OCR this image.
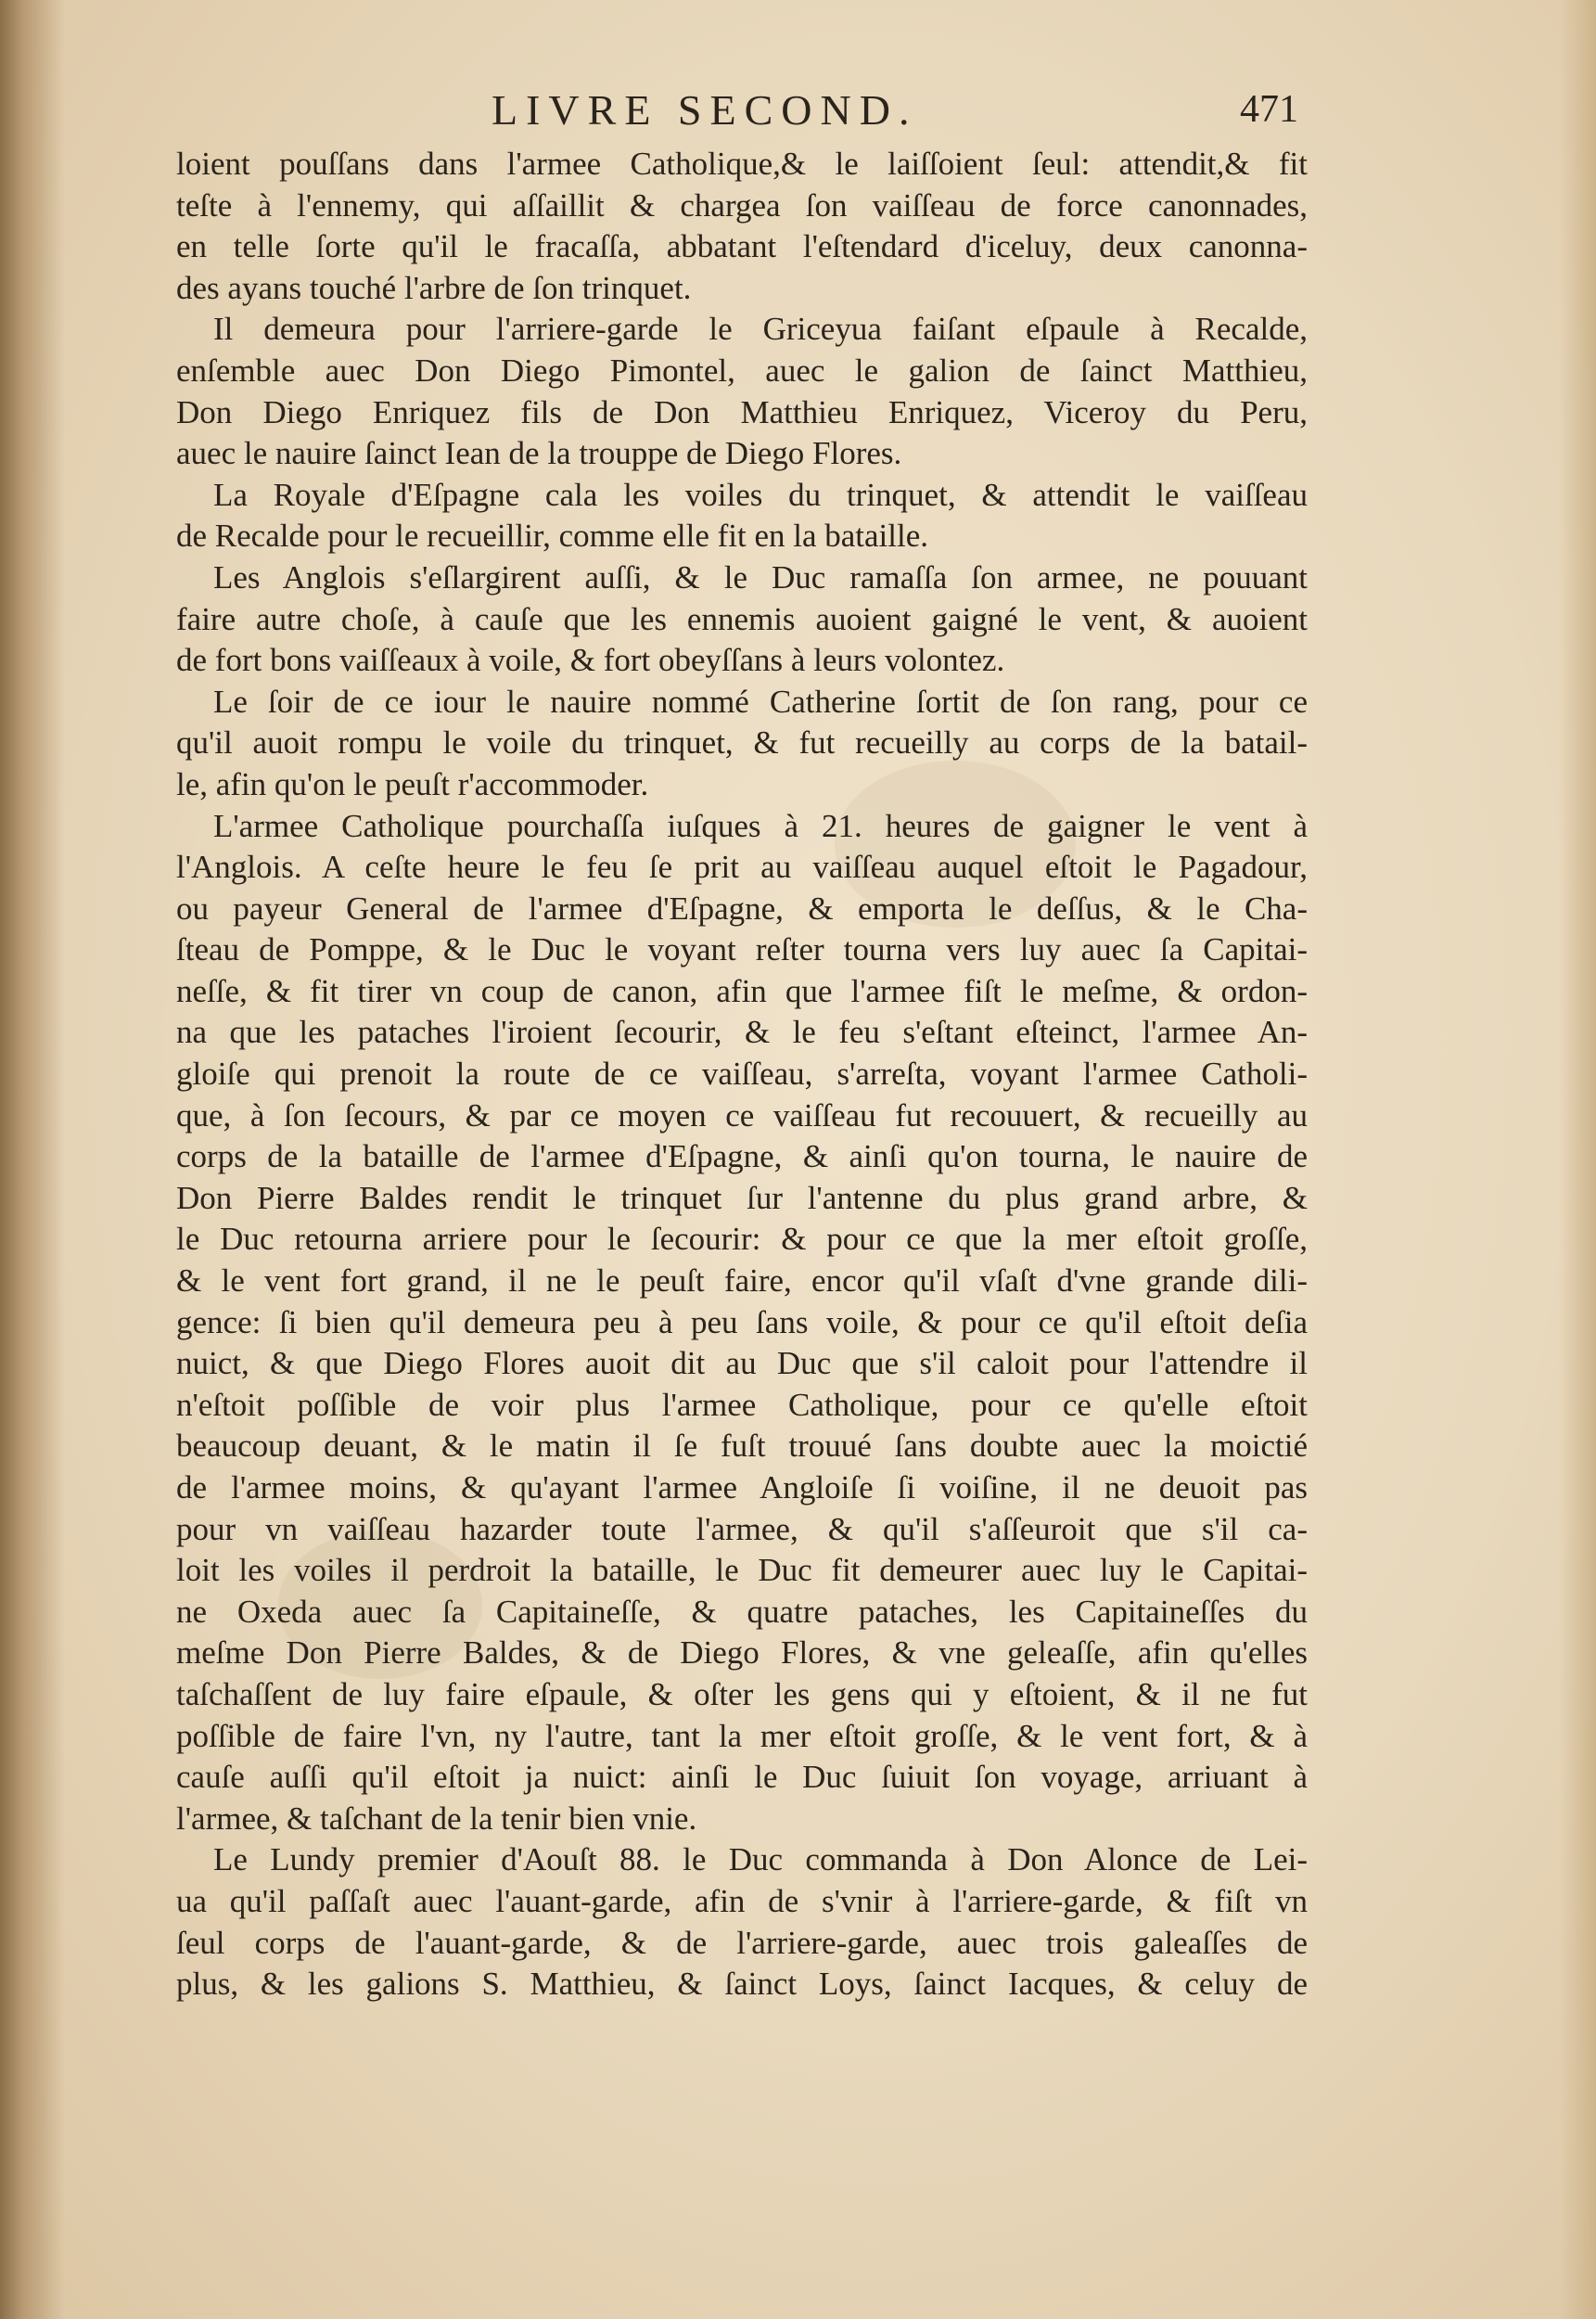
LIVRE SECOND.	471
loient pouſſans dans l'armee Catholique,& le laiſſoient ſeul: attendit,& fit
teſte à l'ennemy, qui aſſaillit & chargea ſon vaiſſeau de force canonnades,
en telle ſorte qu'il le fracaſſa, abbatant l'eſtendard d'iceluy, deux canonna-
des ayans touché l'arbre de ſon trinquet.
Il demeura pour l'arriere-garde le Griceyua faiſant eſpaule à Recalde,
enſemble auec Don Diego Pimontel, auec le galion de ſainct Matthieu,
Don Diego Enriquez fils de Don Matthieu Enriquez, Viceroy du Peru,
auec le nauire ſainct Iean de la trouppe de Diego Flores.
La Royale d'Eſpagne cala les voiles du trinquet, & attendit le vaiſſeau
de Recalde pour le recueillir, comme elle fit en la bataille.
Les Anglois s'eſlargirent auſſi, & le Duc ramaſſa ſon armee, ne pouuant
faire autre choſe, à cauſe que les ennemis auoient gaigné le vent, & auoient
de fort bons vaiſſeaux à voile, & fort obeyſſans à leurs volontez.
Le ſoir de ce iour le nauire nommé Catherine ſortit de ſon rang, pour ce
qu'il auoit rompu le voile du trinquet, & fut recueilly au corps de la batail-
le, afin qu'on le peuſt r'accommoder.
L'armee Catholique pourchaſſa iuſques à 21. heures de gaigner le vent à
l'Anglois. A ceſte heure le feu ſe prit au vaiſſeau auquel eſtoit le Pagadour,
ou payeur General de l'armee d'Eſpagne, & emporta le deſſus, & le Cha-
ſteau de Pomppe, & le Duc le voyant reſter tourna vers luy auec ſa Capitai-
neſſe, & fit tirer vn coup de canon, afin que l'armee fiſt le meſme, & ordon-
na que les pataches l'iroient ſecourir, & le feu s'eſtant eſteinct, l'armee An-
gloiſe qui prenoit la route de ce vaiſſeau, s'arreſta, voyant l'armee Catholi-
que, à ſon ſecours, & par ce moyen ce vaiſſeau fut recouuert, & recueilly au
corps de la bataille de l'armee d'Eſpagne, & ainſi qu'on tourna, le nauire de
Don Pierre Baldes rendit le trinquet ſur l'antenne du plus grand arbre, &
le Duc retourna arriere pour le ſecourir: & pour ce que la mer eſtoit groſſe,
& le vent fort grand, il ne le peuſt faire, encor qu'il vſaſt d'vne grande dili-
gence: ſi bien qu'il demeura peu à peu ſans voile, & pour ce qu'il eſtoit deſia
nuict, & que Diego Flores auoit dit au Duc que s'il caloit pour l'attendre il
n'eſtoit poſſible de voir plus l'armee Catholique, pour ce qu'elle eſtoit
beaucoup deuant, & le matin il ſe fuſt trouué ſans doubte auec la moictié
de l'armee moins, & qu'ayant l'armee Angloiſe ſi voiſine, il ne deuoit pas
pour vn vaiſſeau hazarder toute l'armee, & qu'il s'aſſeuroit que s'il ca-
loit les voiles il perdroit la bataille, le Duc fit demeurer auec luy le Capitai-
ne Oxeda auec ſa Capitaineſſe, & quatre pataches, les Capitaineſſes du
meſme Don Pierre Baldes, & de Diego Flores, & vne geleaſſe, afin qu'elles
taſchaſſent de luy faire eſpaule, & oſter les gens qui y eſtoient, & il ne fut
poſſible de faire l'vn, ny l'autre, tant la mer eſtoit groſſe, & le vent fort, & à
cauſe auſſi qu'il eſtoit ja nuict: ainſi le Duc ſuiuit ſon voyage, arriuant à
l'armee, & taſchant de la tenir bien vnie.
Le Lundy premier d'Aouſt 88. le Duc commanda à Don Alonce de Lei-
ua qu'il paſſaſt auec l'auant-garde, afin de s'vnir à l'arriere-garde, & fiſt vn
ſeul corps de l'auant-garde, & de l'arriere-garde, auec trois galeaſſes de
plus, & les galions S. Matthieu, & ſainct Loys, ſainct Iacques, & celuy de
